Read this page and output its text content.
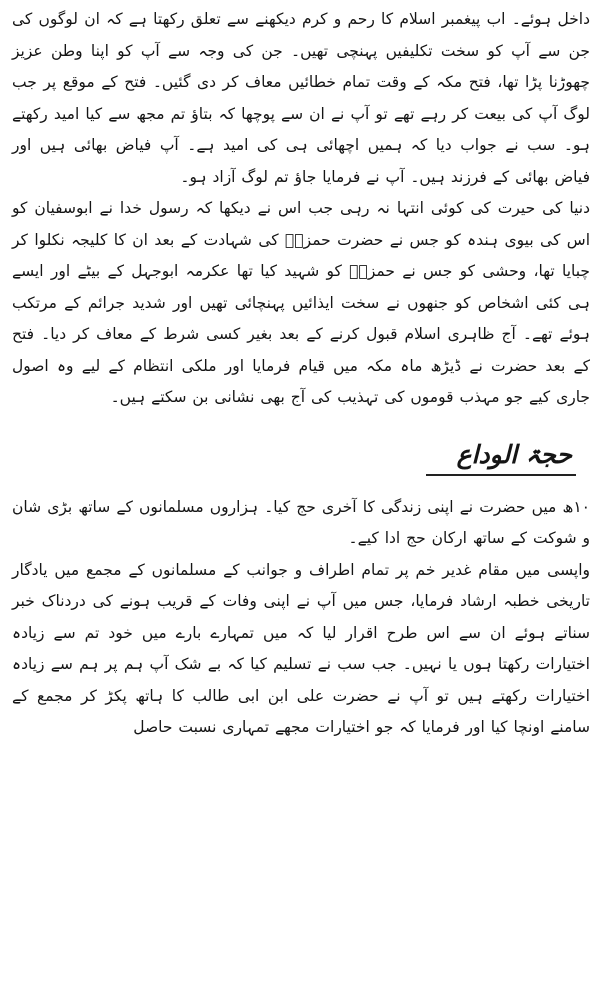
داخل ہوئے۔ اب پیغمبر اسلام کا رحم و کرم دیکھنے سے تعلق رکھتا ہے کہ ان لوگوں کی جن سے آپ کو سخت تکلیفیں پہنچی تھیں۔ جن کی وجہ سے آپ کو اپنا وطن عزیز چھوڑنا پڑا تھا، فتح مکہ کے وقت تمام خطائیں معاف کر دی گئیں۔ فتح کے موقع پر جب لوگ آپ کی بیعت کر رہے تھے تو آپ نے ان سے پوچھا کہ بتاؤ تم مجھ سے کیا امید رکھتے ہو۔ سب نے جواب دیا کہ ہمیں اچھائی ہی کی امید ہے۔ آپ فیاض بھائی ہیں اور فیاض بھائی کے فرزند ہیں۔ آپ نے فرمایا جاؤ تم لوگ آزاد ہو۔

دنیا کی حیرت کی کوئی انتہا نہ رہی جب اس نے دیکھا کہ رسول خدا نے ابوسفیان کو اس کی بیوی ہندہ کو جس نے حضرت حمزہؓ کی شہادت کے بعد ان کا کلیجہ نکلوا کر چبایا تھا، وحشی کو جس نے حمزہؓ کو شہید کیا تھا عکرمہ ابوجہل کے بیٹے اور ایسے ہی کئی اشخاص کو جنھوں نے سخت ایذائیں پہنچائی تھیں اور شدید جرائم کے مرتکب ہوئے تھے۔ آج ظاہری اسلام قبول کرنے کے بعد بغیر کسی شرط کے معاف کر دیا۔ فتح کے بعد حضرت نے ڈیڑھ ماہ مکہ میں قیام فرمایا اور ملکی انتظام کے لیے وہ اصول جاری کیے جو مہذب قوموں کی تہذیب کی آج بھی نشانی بن سکتے ہیں۔

حجۃ الوداع

۱۰ھ میں حضرت نے اپنی زندگی کا آخری حج کیا۔ ہزاروں مسلمانوں کے ساتھ بڑی شان و شوکت کے ساتھ ارکان حج ادا کیے۔

واپسی میں مقام غدیر خم پر تمام اطراف و جوانب کے مسلمانوں کے مجمع میں یادگار تاریخی خطبہ ارشاد فرمایا، جس میں آپ نے اپنی وفات کے قریب ہونے کی دردناک خبر سناتے ہوئے ان سے اس طرح اقرار لیا کہ میں تمہارے بارے میں خود تم سے زیادہ اختیارات رکھتا ہوں یا نہیں۔ جب سب نے تسلیم کیا کہ بے شک آپ ہم پر ہم سے زیادہ اختیارات رکھتے ہیں تو آپ نے حضرت علی ابن ابی طالب کا ہاتھ پکڑ کر مجمع کے سامنے اونچا کیا اور فرمایا کہ جو اختیارات مجھے تمہاری نسبت حاصل
